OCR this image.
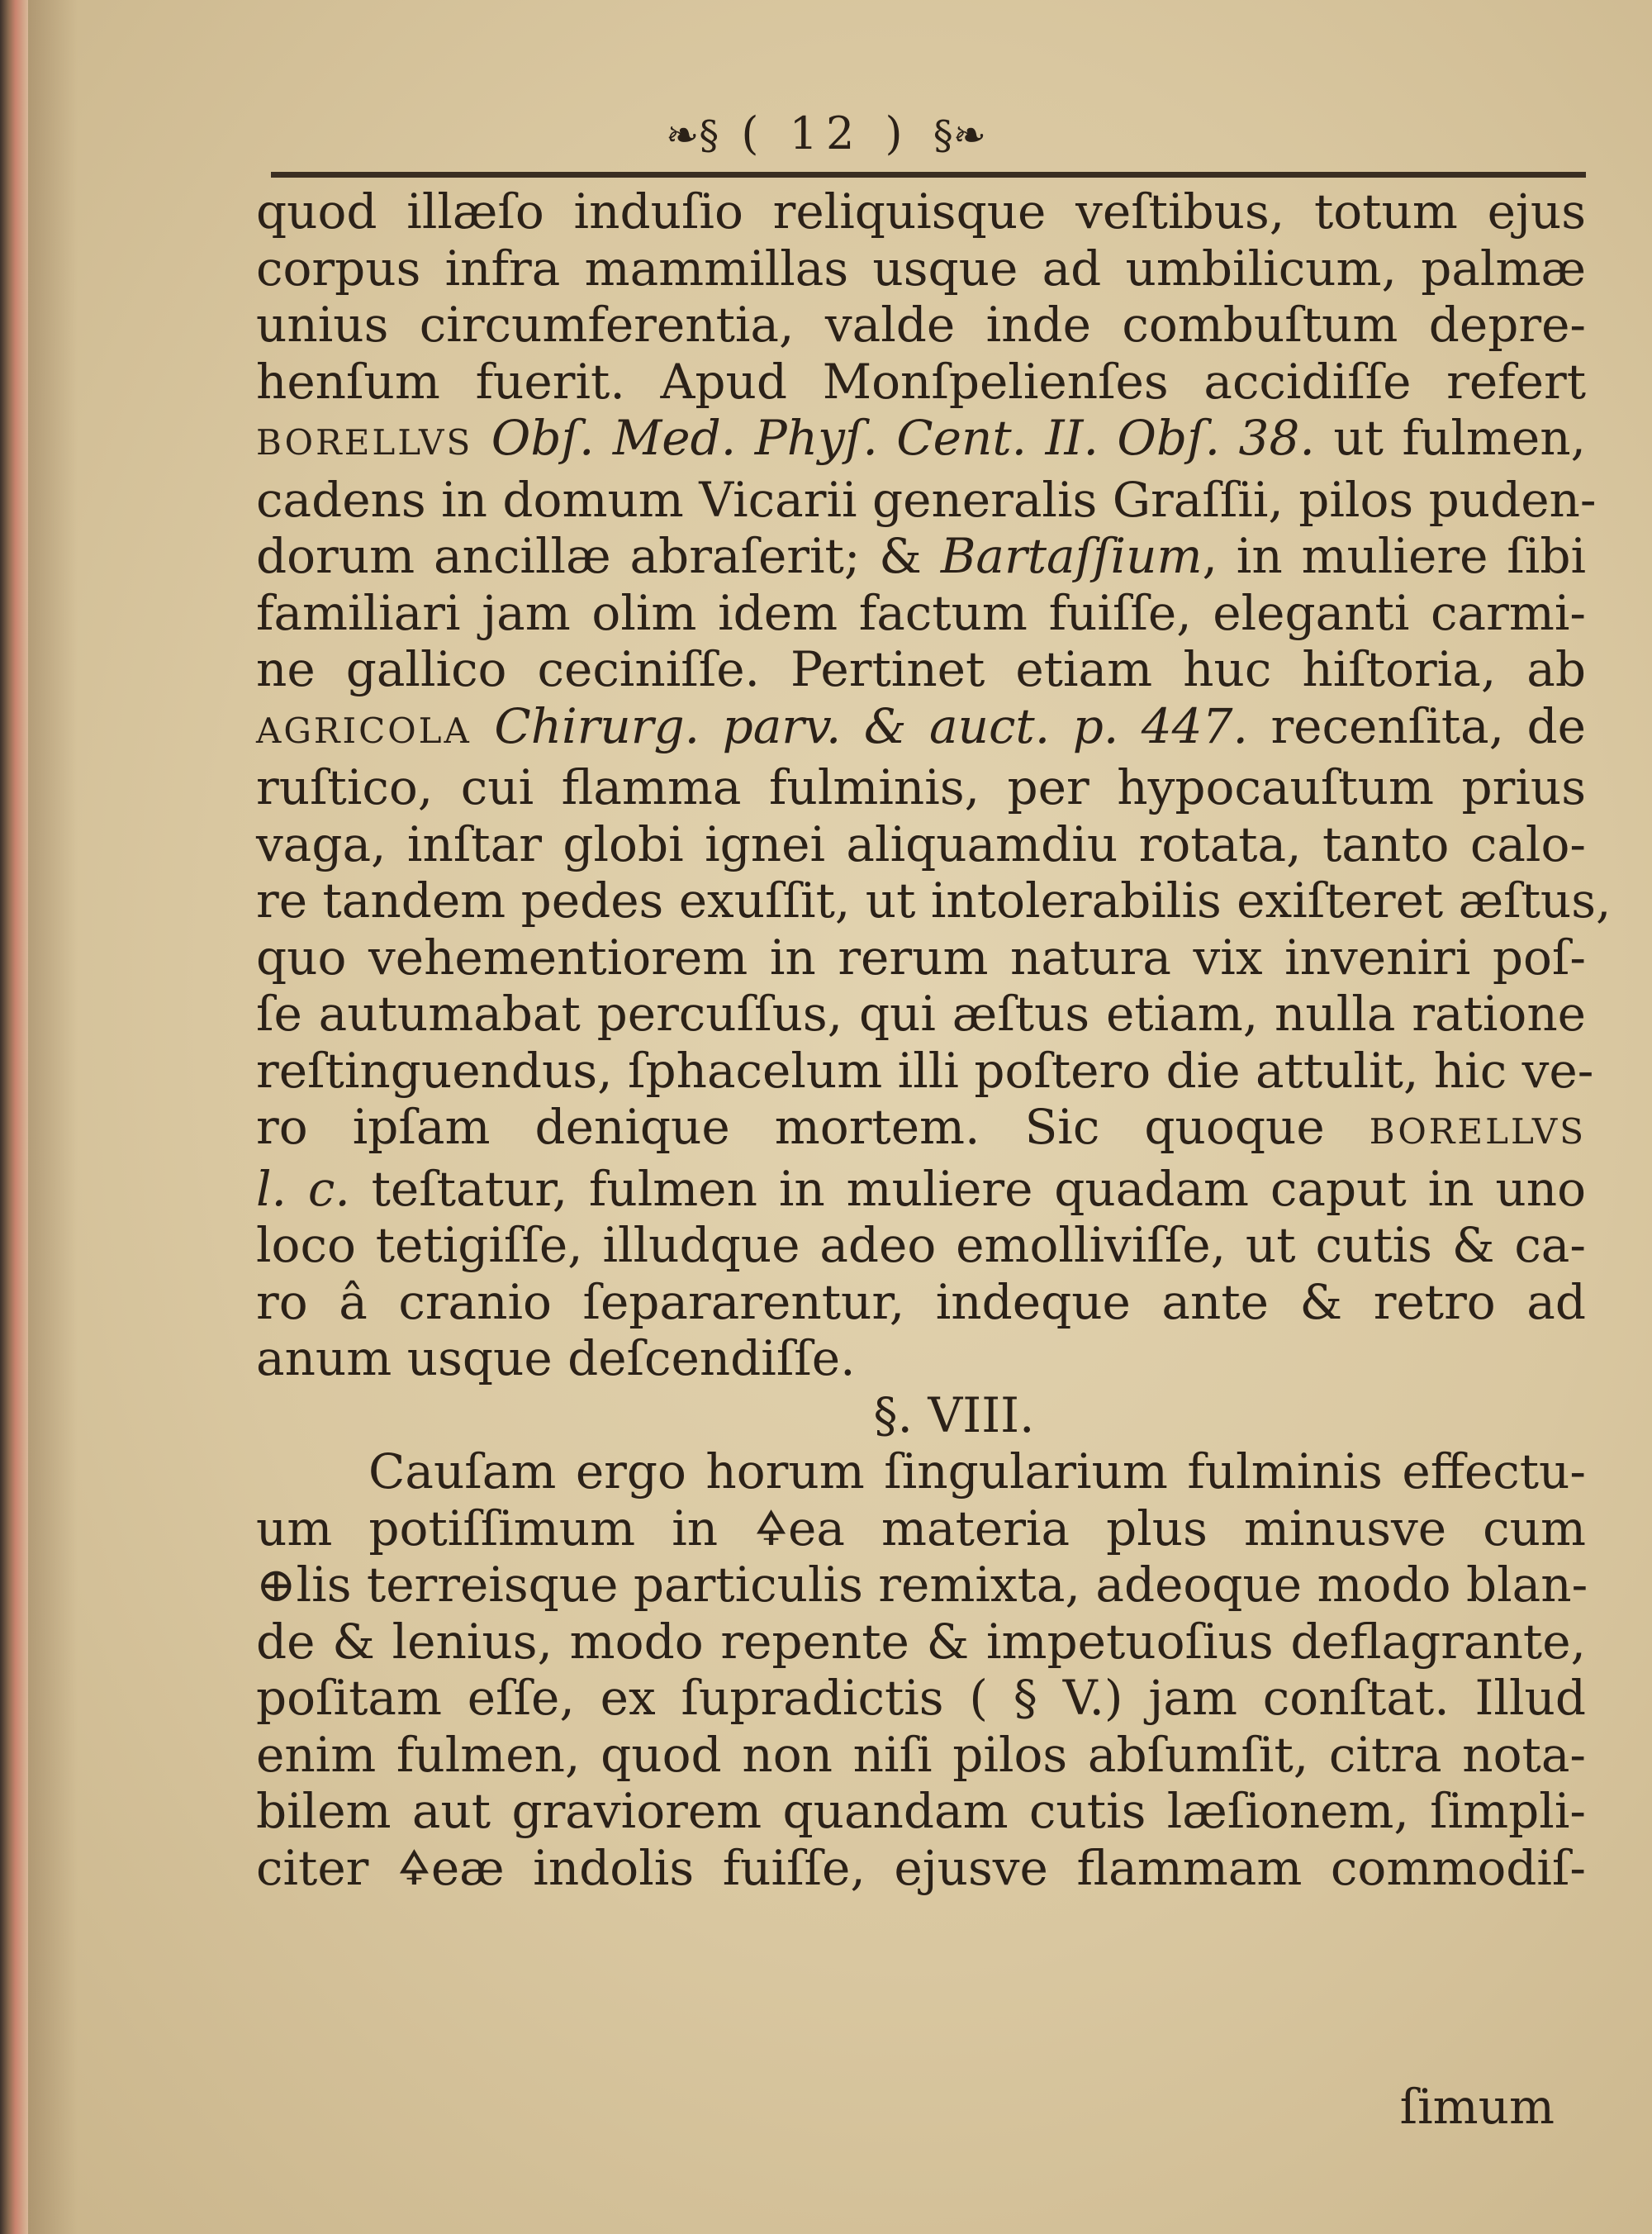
❧§ ( 12 ) §❧
quod illæſo induſio reliquisque veſtibus, totum ejus
corpus infra mammillas usque ad umbilicum, palmæ
unius circumferentia, valde inde combuſtum depre-
henſum fuerit. Apud Monſpelienſes accidiſſe refert
BORELLVS Obſ. Med. Phyſ. Cent. II. Obſ. 38. ut fulmen,
cadens in domum Vicarii generalis Graſſii, pilos puden-
dorum ancillæ abraſerit; & Bartaſſium, in muliere ſibi
familiari jam olim idem factum fuiſſe, eleganti carmi-
ne gallico ceciniſſe. Pertinet etiam huc hiſtoria, ab
AGRICOLA Chirurg. parv. & auct. p. 447. recenſita, de
ruſtico, cui flamma fulminis, per hypocauſtum prius
vaga, inſtar globi ignei aliquamdiu rotata, tanto calo-
re tandem pedes exuſſit, ut intolerabilis exiſteret æſtus,
quo vehementiorem in rerum natura vix inveniri poſ-
ſe autumabat percuſſus, qui æſtus etiam, nulla ratione
reſtinguendus, ſphacelum illi poſtero die attulit, hic ve-
ro ipſam denique mortem. Sic quoque BORELLVS
l. c. teſtatur, fulmen in muliere quadam caput in uno
loco tetigiſſe, illudque adeo emolliviſſe, ut cutis & ca-
ro â cranio ſepararentur, indeque ante & retro ad
anum usque deſcendiſſe.
§. VIII.
Cauſam ergo horum ſingularium fulminis effectu-
um potiſſimum in 🜍ea materia plus minusve cum
⊕lis terreisque particulis remixta, adeoque modo blan-
de & lenius, modo repente & impetuoſius deflagrante,
poſitam eſſe, ex ſupradictis ( § V.) jam conſtat. Illud
enim fulmen, quod non niſi pilos abſumſit, citra nota-
bilem aut graviorem quandam cutis læſionem, ſimpli-
citer 🜍eæ indolis fuiſſe, ejusve flammam commodiſ-
ſimum
